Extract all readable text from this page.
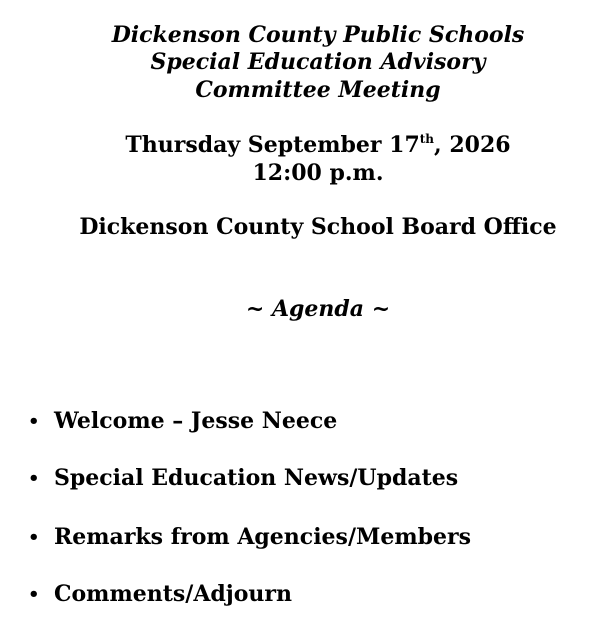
Dickenson County Public Schools
Special Education Advisory
Committee Meeting
Thursday September 17th, 2026
12:00 p.m.
Dickenson County School Board Office
~ Agenda ~
• Welcome – Jesse Neece
• Special Education News/Updates
• Remarks from Agencies/Members
• Comments/Adjourn
